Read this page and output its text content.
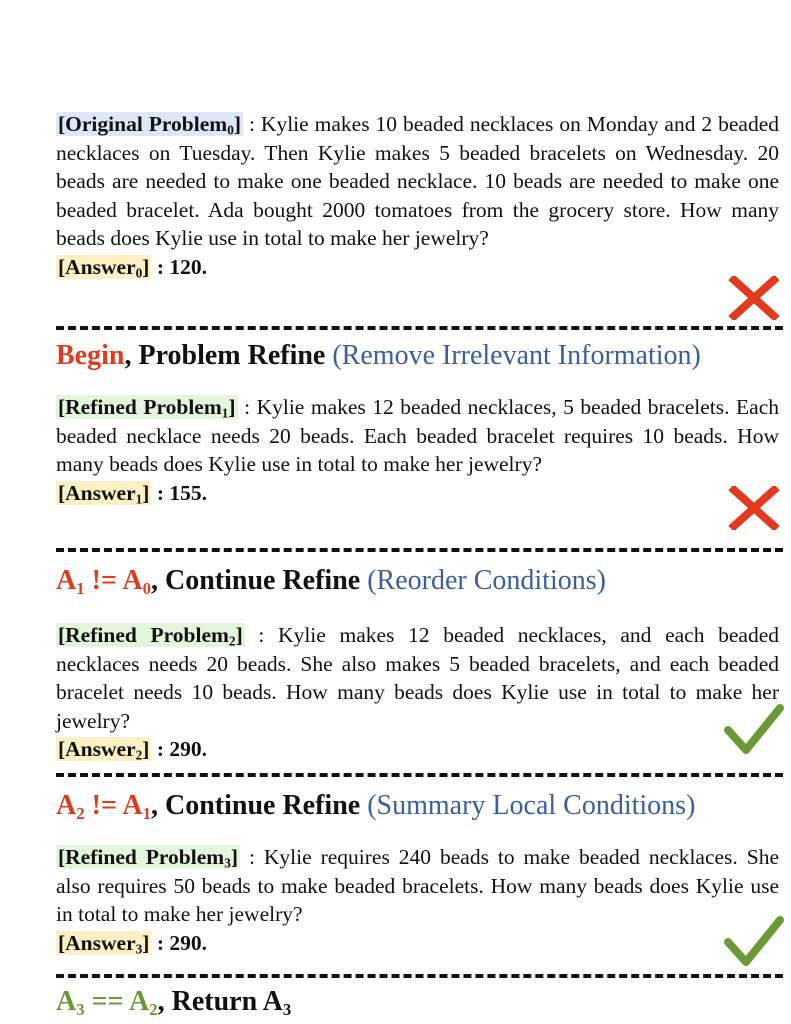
[Original Problem$_0$] : Kylie makes 10 beaded necklaces on Monday and 2 beaded necklaces on Tuesday. Then Kylie makes 5 beaded bracelets on Wednesday. 20 beads are needed to make one beaded necklace. 10 beads are needed to make one beaded bracelet. Ada bought 2000 tomatoes from the grocery store. How many beads does Kylie use in total to make her jewelry?

[Answer$_0$] : 120.

Begin, Problem Refine (Remove Irrelevant Information)

[Refined Problem$_1$] : Kylie makes 12 beaded necklaces, 5 beaded bracelets. Each beaded necklace needs 20 beads. Each beaded bracelet requires 10 beads. How many beads does Kylie use in total to make her jewelry?

[Answer$_1$] : 155.

$A_1$ != $A_0$, Continue Refine (Reorder Conditions)

[Refined Problem$_2$] : Kylie makes 12 beaded necklaces, and each beaded necklaces needs 20 beads. She also makes 5 beaded bracelets, and each beaded bracelet needs 10 beads. How many beads does Kylie use in total to make her jewelry?

[Answer$_2$] : 290.

$A_2$ != $A_1$, Continue Refine (Summary Local Conditions)

[Refined Problem$_3$] : Kylie requires 240 beads to make beaded necklaces. She also requires 50 beads to make beaded bracelets. How many beads does Kylie use in total to make her jewelry?

[Answer$_3$] : 290.

$A_3 == A_2$, Return $A_3$
